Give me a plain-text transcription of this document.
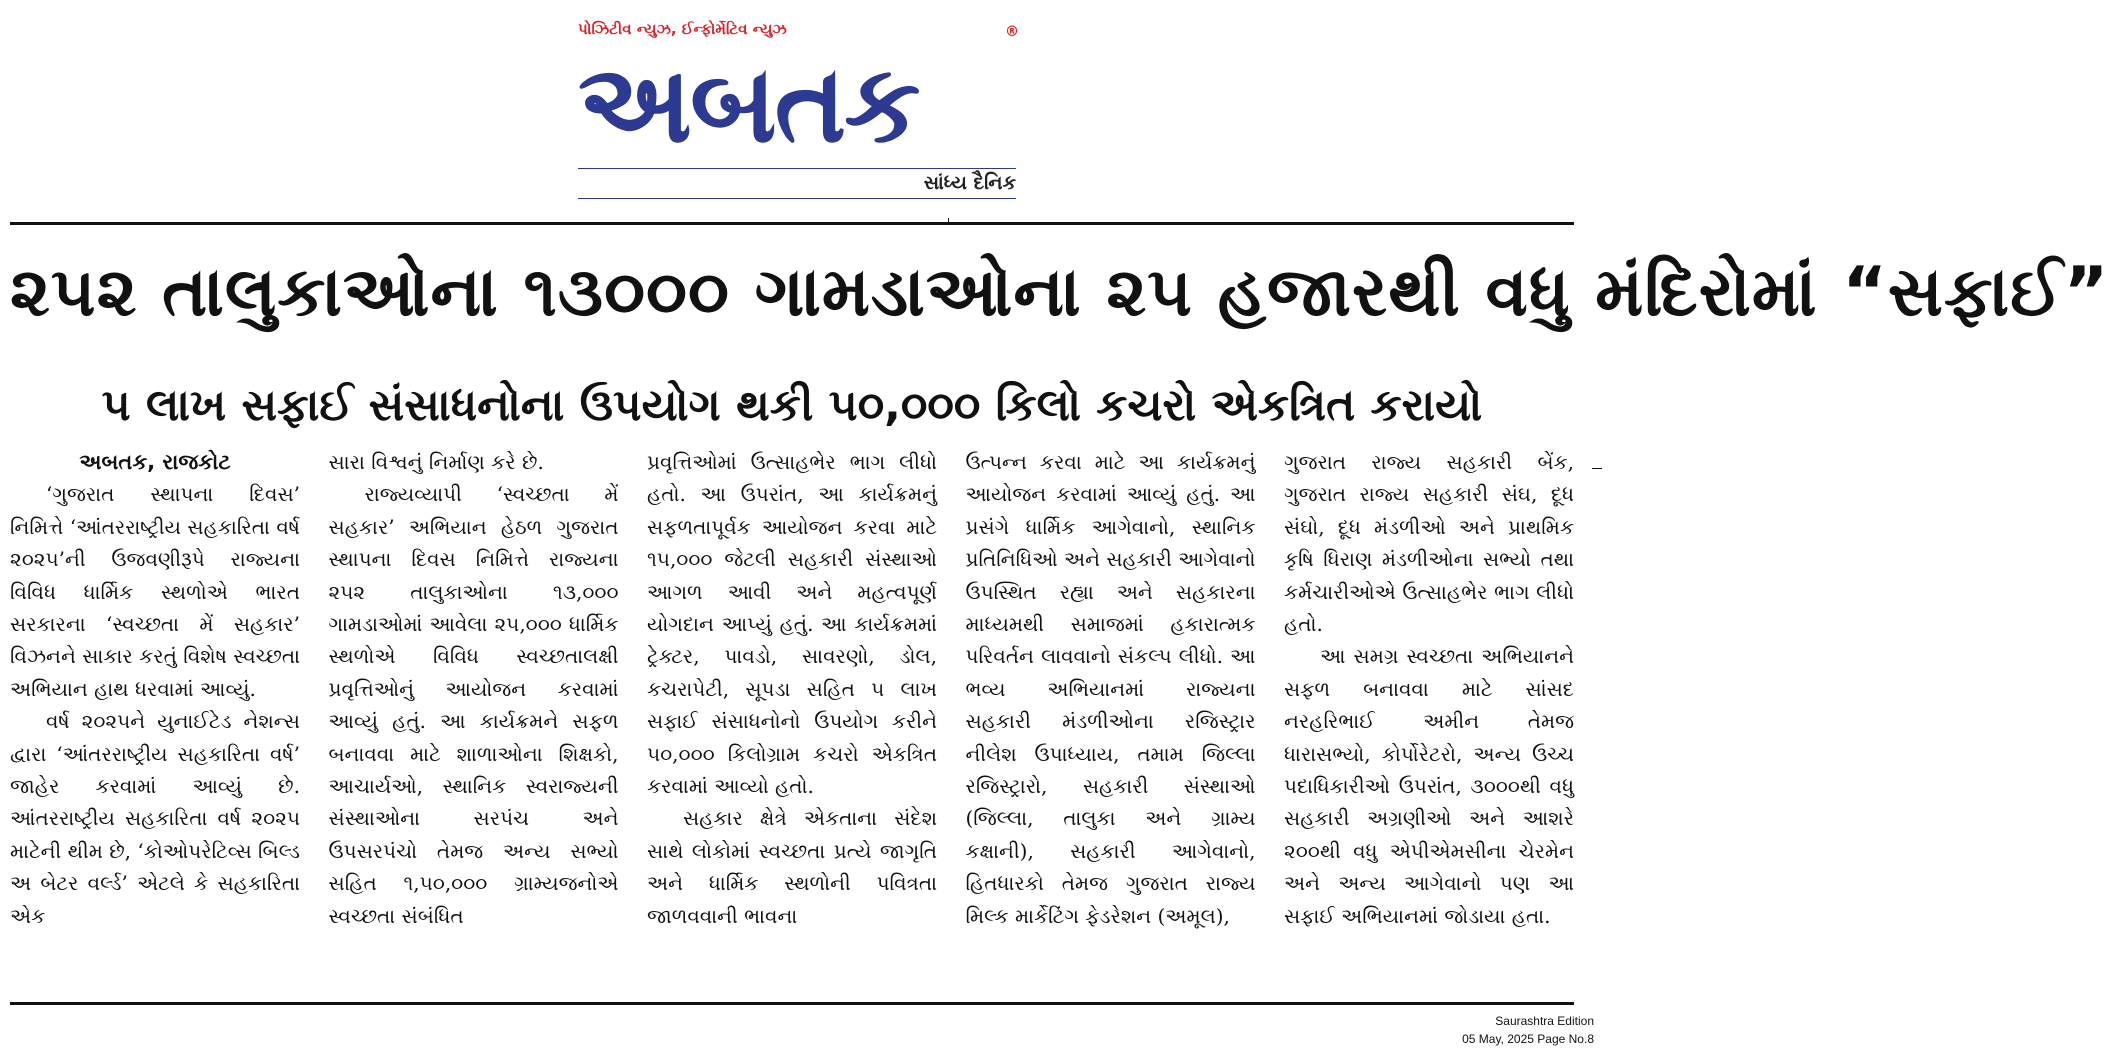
પોઝિટીવ ન્યુઝ, ઈન્ફોર્મેટિવ ન્યુઝ
અબતક
®
સાંધ્ય દૈનિક
૨૫૨ તાલુકાઓના ૧૩૦૦૦ ગામડાઓના ૨૫ હજારથી વધુ મંદિરોમાં “સફાઈ”
૫ લાખ સફાઈ સંસાધનોના ઉપયોગ થકી ૫૦,૦૦૦ કિલો કચરો એકત્રિત કરાયો
અબતક, રાજકોટ

‘ગુજરાત સ્થાપના દિવસ’ નિમિત્તે ‘આંતરરાષ્ટ્રીય સહકારિતા વર્ષ ૨૦૨૫’ની ઉજવણીરૂપે રાજ્યના વિવિધ ધાર્મિક સ્થળોએ ભારત સરકારના ‘સ્વચ્છતા મેં સહકાર’ વિઝનને સાકાર કરતું વિશેષ સ્વચ્છતા અભિયાન હાથ ધરવામાં આવ્યું.

વર્ષ ૨૦૨૫ને યુનાઈટેડ નેશન્સ દ્વારા ‘આંતરરાષ્ટ્રીય સહકારિતા વર્ષ’ જાહેર કરવામાં આવ્યું છે. આંતરરાષ્ટ્રીય સહકારિતા વર્ષ ૨૦૨૫ માટેની થીમ છે, ‘કોઓપરેટિવ્સ બિલ્ડ અ બેટર વર્લ્ડ’ એટલે કે સહકારિતા એક

સારા વિશ્વનું નિર્માણ કરે છે.

રાજ્યવ્યાપી ‘સ્વચ્છતા મેં સહકાર’ અભિયાન હેઠળ ગુજરાત સ્થાપના દિવસ નિમિત્તે રાજ્યના ૨૫૨ તાલુકાઓના ૧૩,૦૦૦ ગામડાઓમાં આવેલા ૨૫,૦૦૦ ધાર્મિક સ્થળોએ વિવિધ સ્વચ્છતાલક્ષી પ્રવૃત્તિઓનું આયોજન કરવામાં આવ્યું હતું. આ કાર્યક્રમને સફળ બનાવવા માટે શાળાઓના શિક્ષકો, આચાર્યઓ, સ્થાનિક સ્વરાજ્યની સંસ્થાઓના સરપંચ અને ઉપસરપંચો તેમજ અન્ય સભ્યો સહિત ૧,૫૦,૦૦૦ ગ્રામ્યજનોએ સ્વચ્છતા સંબંધિત

પ્રવૃત્તિઓમાં ઉત્સાહભેર ભાગ લીધો હતો. આ ઉપરાંત, આ કાર્યક્રમનું સફળતાપૂર્વક આયોજન કરવા માટે ૧૫,૦૦૦ જેટલી સહકારી સંસ્થાઓ આગળ આવી અને મહત્વપૂર્ણ યોગદાન આપ્યું હતું. આ કાર્યક્રમમાં ટ્રેક્ટર, પાવડો, સાવરણો, ડોલ, કચરાપેટી, સૂપડા સહિત ૫ લાખ સફાઈ સંસાધનોનો ઉપયોગ કરીને ૫૦,૦૦૦ કિલોગ્રામ કચરો એકત્રિત કરવામાં આવ્યો હતો.

સહકાર ક્ષેત્રે એકતાના સંદેશ સાથે લોકોમાં સ્વચ્છતા પ્રત્યે જાગૃતિ અને ધાર્મિક સ્થળોની પવિત્રતા જાળવવાની ભાવના

ઉત્પન્ન કરવા માટે આ કાર્યક્રમનું આયોજન કરવામાં આવ્યું હતું. આ પ્રસંગે ધાર્મિક આગેવાનો, સ્થાનિક પ્રતિનિધિઓ અને સહકારી આગેવાનો ઉપસ્થિત રહ્યા અને સહકારના માધ્યમથી સમાજમાં હકારાત્મક પરિવર્તન લાવવાનો સંકલ્પ લીધો. આ ભવ્ય અભિયાનમાં રાજ્યના સહકારી મંડળીઓના રજિસ્ટ્રાર નીલેશ ઉપાધ્યાય, તમામ જિલ્લા રજિસ્ટ્રારો, સહકારી સંસ્થાઓ (જિલ્લા, તાલુકા અને ગ્રામ્ય કક્ષાની), સહકારી આગેવાનો, હિતધારકો તેમજ ગુજરાત રાજ્ય મિલ્ક માર્કેટિંગ ફેડરેશન (અમૂલ),

ગુજરાત રાજ્ય સહકારી બેંક, ગુજરાત રાજ્ય સહકારી સંઘ, દૂધ સંઘો, દૂધ મંડળીઓ અને પ્રાથમિક કૃષિ ધિરાણ મંડળીઓના સભ્યો તથા કર્મચારીઓએ ઉત્સાહભેર ભાગ લીધો હતો.

આ સમગ્ર સ્વચ્છતા અભિયાનને સફળ બનાવવા માટે સાંસદ નરહરિભાઈ અમીન તેમજ ધારાસભ્યો, કોર્પોરેટરો, અન્ય ઉચ્ચ પદાધિકારીઓ ઉપરાંત, ૩૦૦૦થી વધુ સહકારી અગ્રણીઓ અને આશરે ૨૦૦થી વધુ એપીએમસીના ચેરમેન અને અન્ય આગેવાનો પણ આ સફાઈ અભિયાનમાં જોડાયા હતા.

Saurashtra Edition
05 May, 2025 Page No.8
